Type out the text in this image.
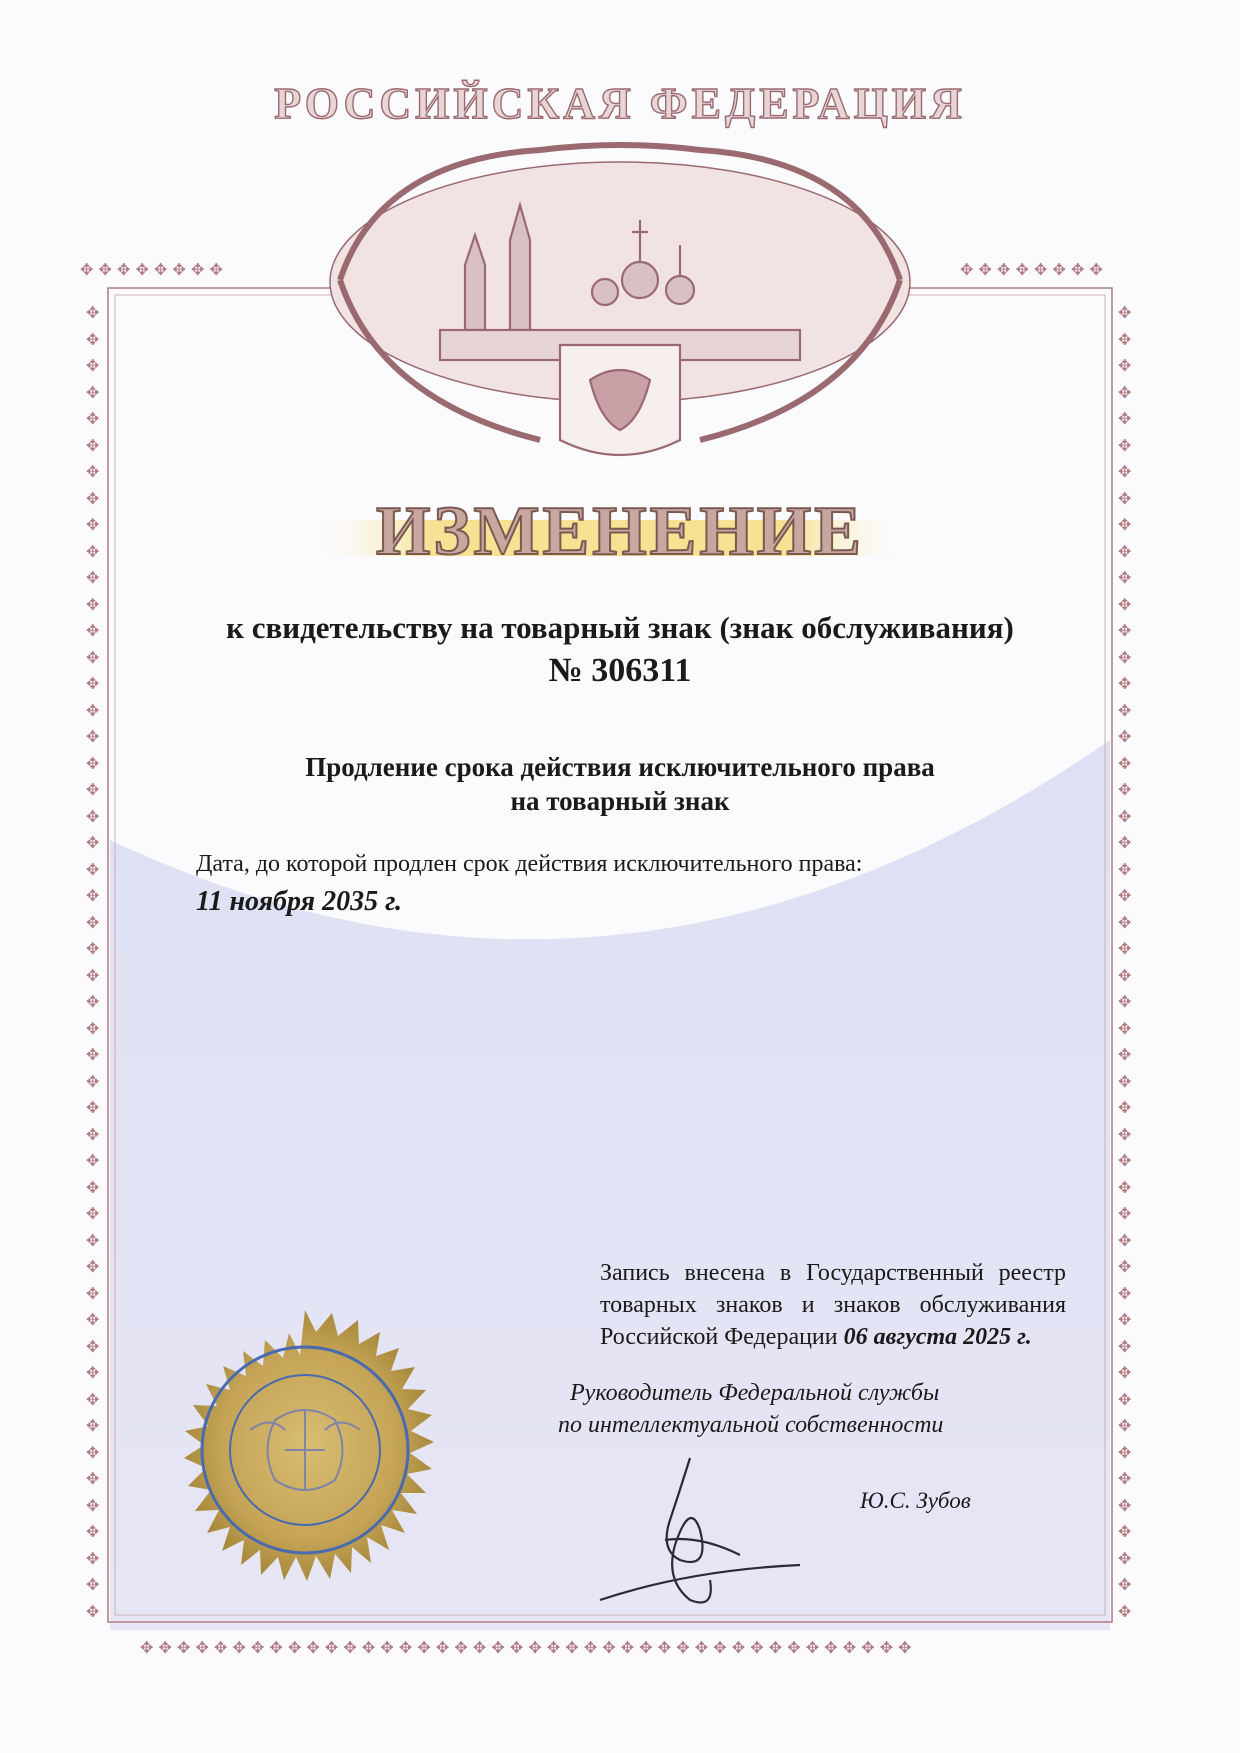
✥ ✥ ✥ ✥ ✥ ✥ ✥ ✥	✥ ✥ ✥ ✥ ✥ ✥ ✥ ✥
✥ ✥ ✥ ✥ ✥ ✥ ✥ ✥ ✥ ✥ ✥ ✥ ✥ ✥ ✥ ✥ ✥ ✥ ✥ ✥ ✥ ✥ ✥ ✥ ✥ ✥ ✥ ✥ ✥ ✥ ✥ ✥ ✥ ✥ ✥ ✥ ✥ ✥ ✥ ✥ ✥ ✥
✥✥✥✥✥✥✥✥✥✥✥✥✥✥✥✥✥✥✥✥✥✥✥✥✥✥✥✥✥✥✥✥✥✥✥✥✥✥✥✥✥✥✥✥✥✥✥✥✥✥
✥✥✥✥✥✥✥✥✥✥✥✥✥✥✥✥✥✥✥✥✥✥✥✥✥✥✥✥✥✥✥✥✥✥✥✥✥✥✥✥✥✥✥✥✥✥✥✥✥✥
РОССИЙСКАЯ ФЕДЕРАЦИЯ
ИЗМЕНЕНИЕ
к свидетельству на товарный знак (знак обслуживания)
№ 306311
Продление срока действия исключительного права
на товарный знак
Дата, до которой продлен срок действия исключительного права:
11 ноября 2035 г.
Запись внесена в Государственный реестр
товарных знаков и знаков обслуживания
Российской Федерации 06 августа 2025 г.
Руководитель Федеральной службы
по интеллектуальной собственности
Ю.С. Зубов
